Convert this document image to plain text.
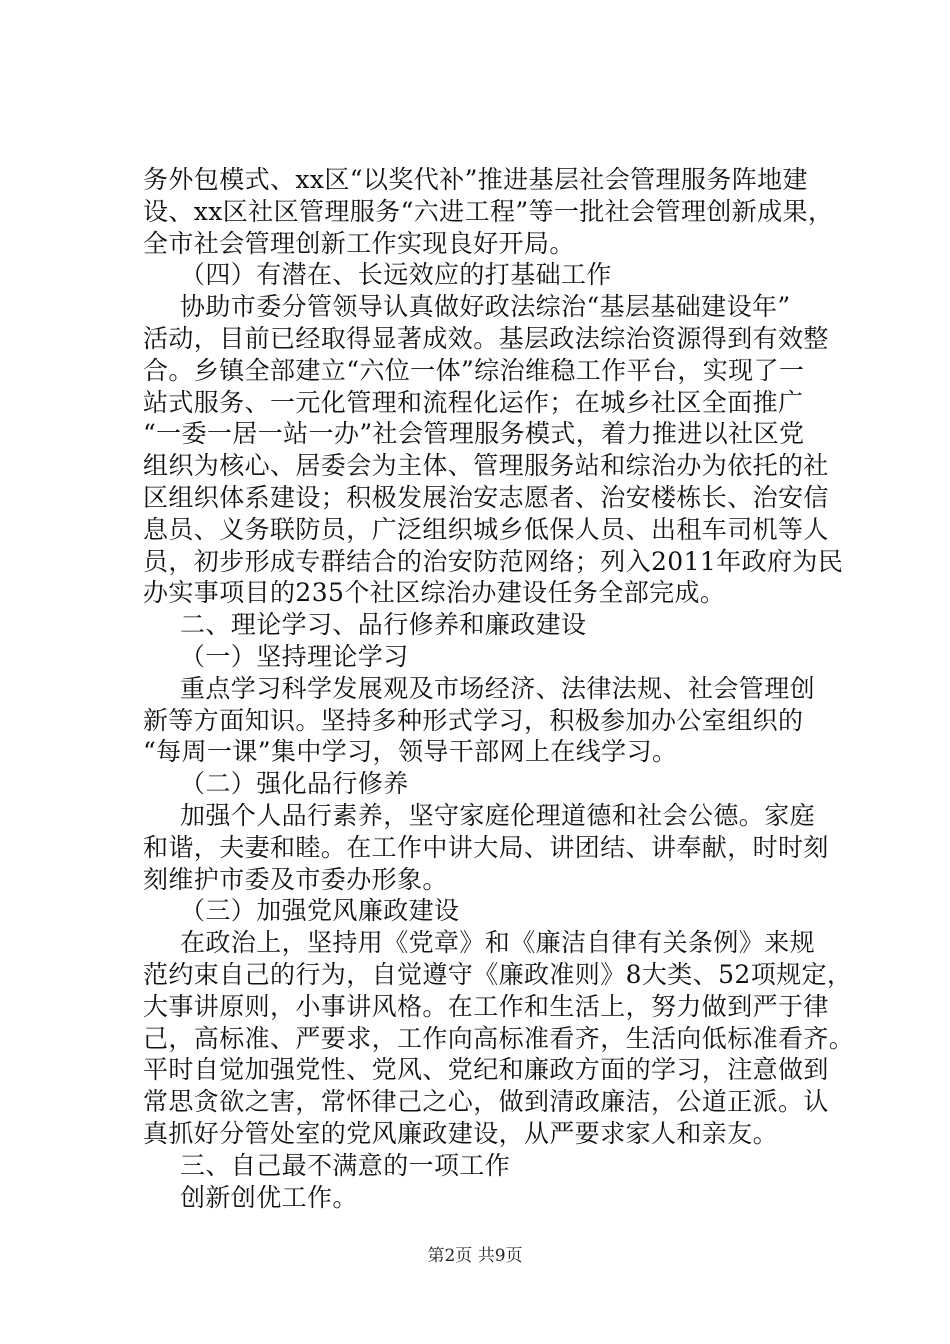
务外包模式、xx区“以奖代补”推进基层社会管理服务阵地建
设、xx区社区管理服务“六进工程”等一批社会管理创新成果，
全市社会管理创新工作实现良好开局。
（四）有潜在、长远效应的打基础工作
协助市委分管领导认真做好政法综治“基层基础建设年”
活动，目前已经取得显著成效。基层政法综治资源得到有效整
合。乡镇全部建立“六位一体”综治维稳工作平台，实现了一
站式服务、一元化管理和流程化运作；在城乡社区全面推广
“一委一居一站一办”社会管理服务模式，着力推进以社区党
组织为核心、居委会为主体、管理服务站和综治办为依托的社
区组织体系建设；积极发展治安志愿者、治安楼栋长、治安信
息员、义务联防员，广泛组织城乡低保人员、出租车司机等人
员，初步形成专群结合的治安防范网络；列入2011年政府为民
办实事项目的235个社区综治办建设任务全部完成。
二、理论学习、品行修养和廉政建设
（一）坚持理论学习
重点学习科学发展观及市场经济、法律法规、社会管理创
新等方面知识。坚持多种形式学习，积极参加办公室组织的
“每周一课”集中学习，领导干部网上在线学习。
（二）强化品行修养
加强个人品行素养，坚守家庭伦理道德和社会公德。家庭
和谐，夫妻和睦。在工作中讲大局、讲团结、讲奉献，时时刻
刻维护市委及市委办形象。
（三）加强党风廉政建设
在政治上，坚持用《党章》和《廉洁自律有关条例》来规
范约束自己的行为，自觉遵守《廉政准则》8大类、52项规定，
大事讲原则，小事讲风格。在工作和生活上，努力做到严于律
己，高标准、严要求，工作向高标准看齐，生活向低标准看齐。
平时自觉加强党性、党风、党纪和廉政方面的学习，注意做到
常思贪欲之害，常怀律己之心，做到清政廉洁，公道正派。认
真抓好分管处室的党风廉政建设，从严要求家人和亲友。
三、自己最不满意的一项工作
创新创优工作。
第2页 共9页
